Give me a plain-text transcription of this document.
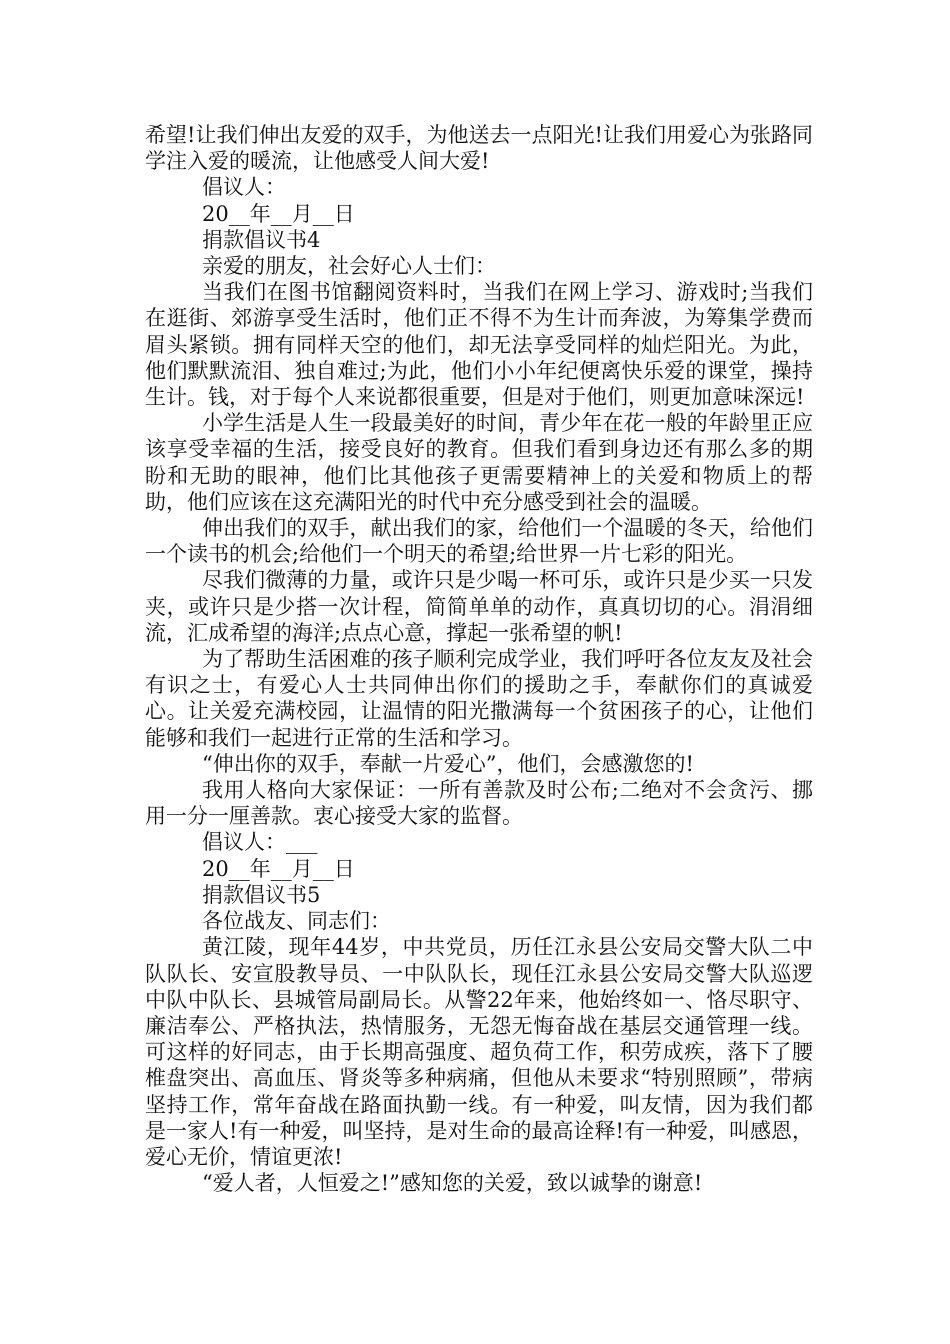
希望!让我们伸出友爱的双手，为他送去一点阳光!让我们用爱心为张路同学注入爱的暖流，让他感受人间大爱!

倡议人：

20__年__月__日

捐款倡议书4

亲爱的朋友，社会好心人士们：

当我们在图书馆翻阅资料时，当我们在网上学习、游戏时;当我们在逛街、郊游享受生活时，他们正不得不为生计而奔波，为筹集学费而眉头紧锁。拥有同样天空的他们，却无法享受同样的灿烂阳光。为此，他们默默流泪、独自难过;为此，他们小小年纪便离快乐爱的课堂，操持生计。钱，对于每个人来说都很重要，但是对于他们，则更加意味深远!

小学生活是人生一段最美好的时间，青少年在花一般的年龄里正应该享受幸福的生活，接受良好的教育。但我们看到身边还有那么多的期盼和无助的眼神，他们比其他孩子更需要精神上的关爱和物质上的帮助，他们应该在这充满阳光的时代中充分感受到社会的温暖。

伸出我们的双手，献出我们的家，给他们一个温暖的冬天，给他们一个读书的机会;给他们一个明天的希望;给世界一片七彩的阳光。

尽我们微薄的力量，或许只是少喝一杯可乐，或许只是少买一只发夹，或许只是少搭一次计程，简简单单的动作，真真切切的心。涓涓细流，汇成希望的海洋;点点心意，撑起一张希望的帆!

为了帮助生活困难的孩子顺利完成学业，我们呼吁各位友友及社会有识之士，有爱心人士共同伸出你们的援助之手，奉献你们的真诚爱心。让关爱充满校园，让温情的阳光撒满每一个贫困孩子的心，让他们能够和我们一起进行正常的生活和学习。

“伸出你的双手，奉献一片爱心”，他们，会感激您的!

我用人格向大家保证：一所有善款及时公布;二绝对不会贪污、挪用一分一厘善款。衷心接受大家的监督。

倡议人：___

20__年__月__日

捐款倡议书5

各位战友、同志们：

黄江陵，现年44岁，中共党员，历任江永县公安局交警大队二中队队长、安宣股教导员、一中队队长，现任江永县公安局交警大队巡逻中队中队长、县城管局副局长。从警22年来，他始终如一、恪尽职守、廉洁奉公、严格执法，热情服务，无怨无悔奋战在基层交通管理一线。可这样的好同志，由于长期高强度、超负荷工作，积劳成疾，落下了腰椎盘突出、高血压、肾炎等多种病痛，但他从未要求“特别照顾”，带病坚持工作，常年奋战在路面执勤一线。有一种爱，叫友情，因为我们都是一家人!有一种爱，叫坚持，是对生命的最高诠释!有一种爱，叫感恩，爱心无价，情谊更浓!

“爱人者，人恒爱之!”感知您的关爱，致以诚挚的谢意!
